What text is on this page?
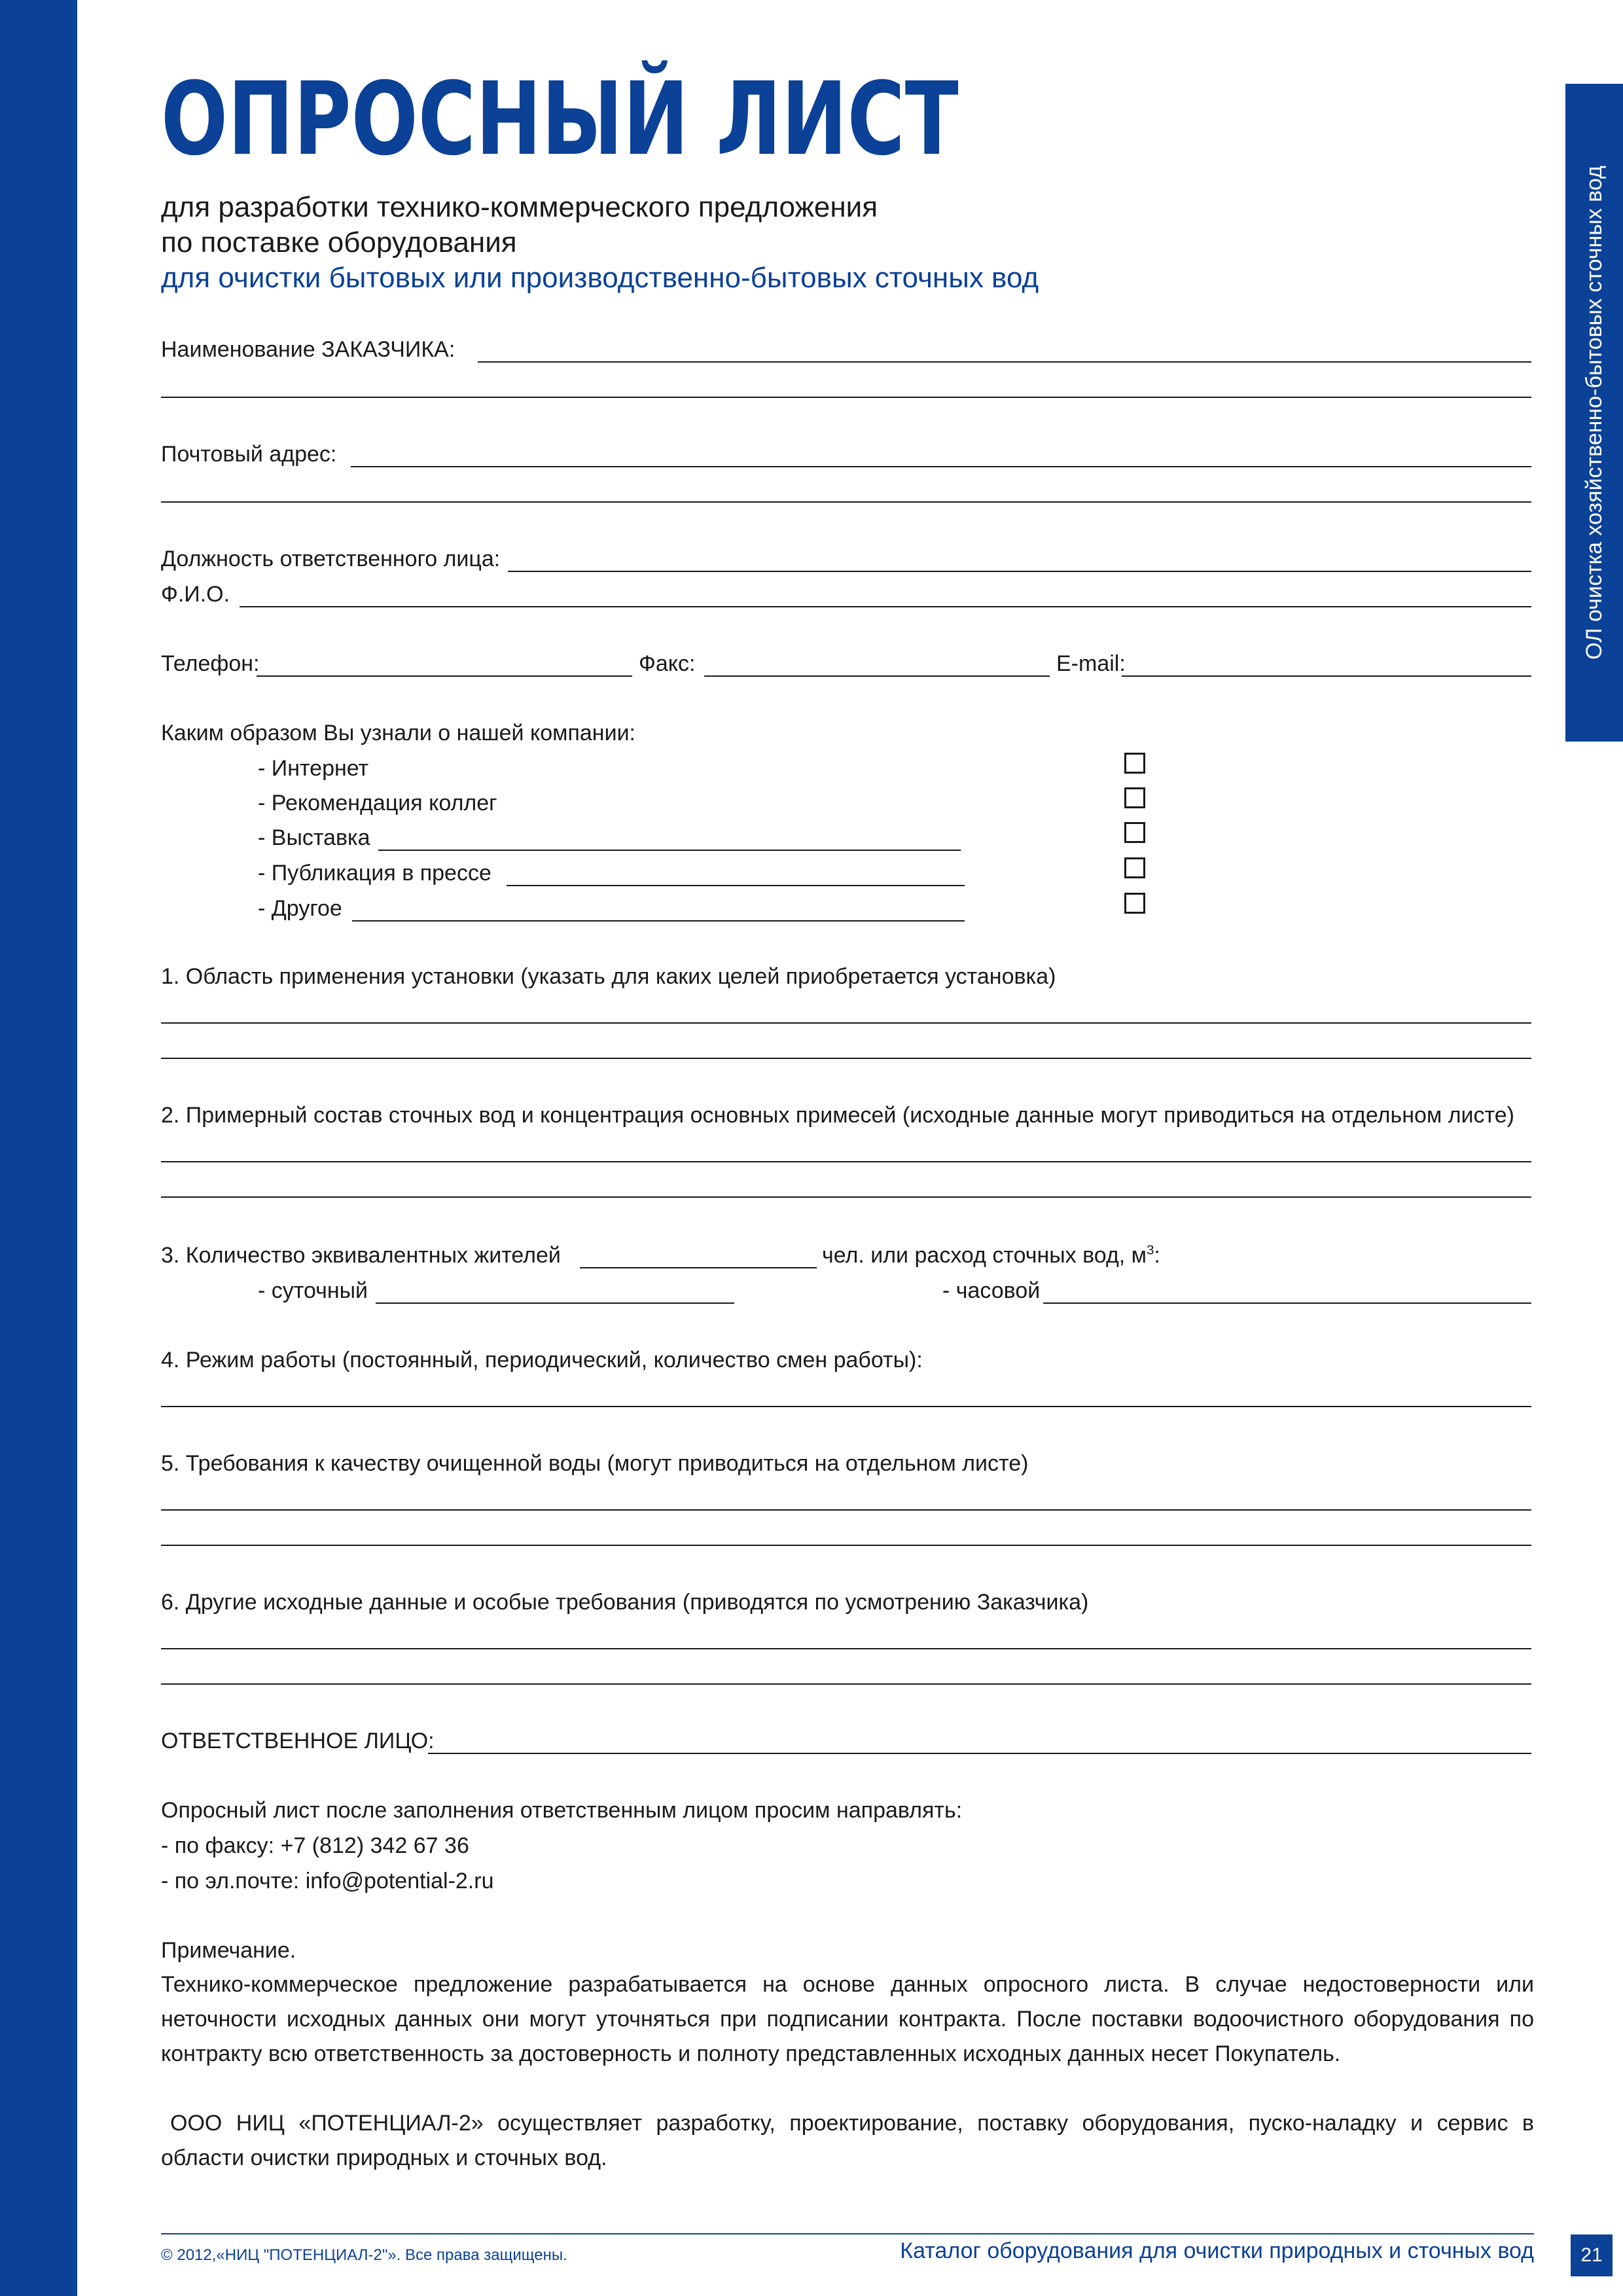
ОЛ очистка хозяйственно-бытовых сточных вод
ОПРОСНЫЙ ЛИСТ
для разработки технико-коммерческого предложения
по поставке оборудования
для очистки бытовых или производственно-бытовых сточных вод
Наименование ЗАКАЗЧИКА:
Почтовый адрес:
Должность ответственного лица:
Ф.И.О.
Телефон:	Факс:	E-mail:
Каким образом Вы узнали о нашей компании:
- Интернет
- Рекомендация коллег
- Выставка
- Публикация в прессе
- Другое
1. Область применения установки (указать для каких целей приобретается установка)
2. Примерный состав сточных вод и концентрация основных примесей (исходные данные могут приводиться на отдельном листе)
3. Количество эквивалентных жителей	чел. или расход сточных вод, $м^3$:
- суточный	- часовой
4. Режим работы (постоянный, периодический, количество смен работы):
5. Требования к качеству очищенной воды (могут приводиться на отдельном листе)
6. Другие исходные данные и особые требования (приводятся по усмотрению Заказчика)
ОТВЕТСТВЕННОЕ ЛИЦО:
Опросный лист после заполнения ответственным лицом просим направлять:
- по факсу: +7 (812) 342 67 36
- по эл.почте: info@potential-2.ru
Примечание.

Технико-коммерческое предложение разрабатывается на основе данных опросного листа. В случае недостоверности или неточности исходных данных они могут уточняться при подписании контракта. После поставки водоочистного оборудования по контракту всю ответственность за достоверность и полноту представленных исходных данных несет Покупатель.

ООО НИЦ «ПОТЕНЦИАЛ-2» осуществляет разработку, проектирование, поставку оборудования, пуско-наладку и сервис в области очистки природных и сточных вод.

© 2012,«НИЦ "ПОТЕНЦИАЛ-2"». Все права защищены.	Каталог оборудования для очистки природных и сточных вод	21
